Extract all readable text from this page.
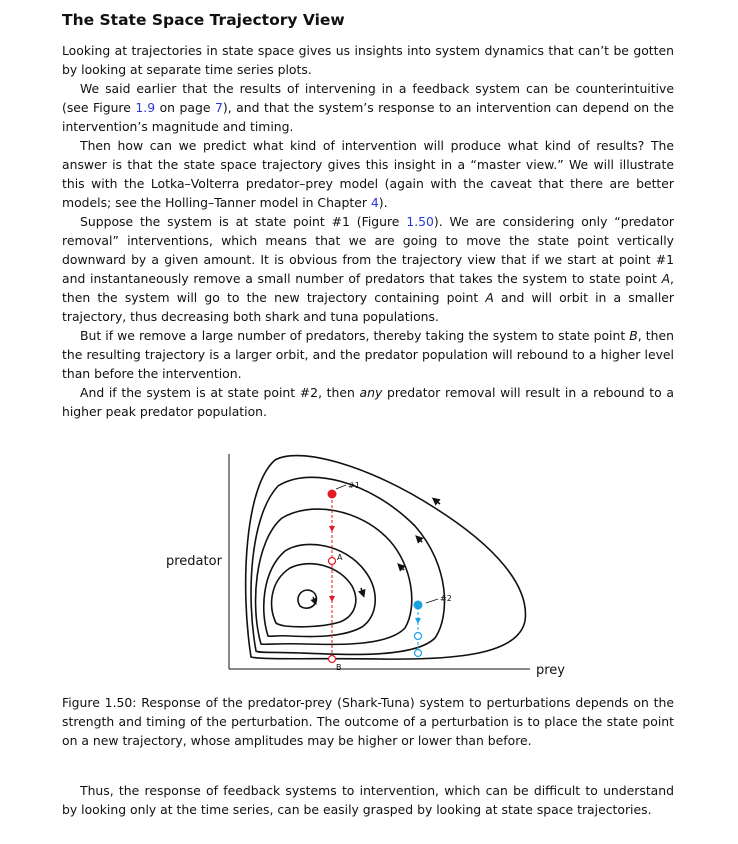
The State Space Trajectory View

Looking at trajectories in state space gives us insights into system dynamics that can’t be gotten by looking at separate time series plots.

We said earlier that the results of intervening in a feedback system can be counterintuitive (see Figure 1.9 on page 7), and that the system’s response to an intervention can depend on the intervention’s magnitude and timing.

Then how can we predict what kind of intervention will produce what kind of results? The answer is that the state space trajectory gives this insight in a “master view.” We will illustrate this with the Lotka–Volterra predator–prey model (again with the caveat that there are better models; see the Holling–Tanner model in Chapter 4).

Suppose the system is at state point #1 (Figure 1.50). We are considering only “predator removal” interventions, which means that we are going to move the state point vertically downward by a given amount. It is obvious from the trajectory view that if we start at point #1 and instantaneously remove a small number of predators that takes the system to state point A, then the system will go to the new trajectory containing point A and will orbit in a smaller trajectory, thus decreasing both shark and tuna populations.

But if we remove a large number of predators, thereby taking the system to state point B, then the resulting trajectory is a larger orbit, and the predator population will rebound to a higher level than before the intervention.

And if the system is at state point #2, then any predator removal will result in a rebound to a higher peak predator population.

predator
prey
#1
A
B
#2

Figure 1.50: Response of the predator-prey (Shark-Tuna) system to perturbations depends on the strength and timing of the perturbation. The outcome of a perturbation is to place the state point on a new trajectory, whose amplitudes may be higher or lower than before.

Thus, the response of feedback systems to intervention, which can be difficult to understand by looking only at the time series, can be easily grasped by looking at state space trajectories.
